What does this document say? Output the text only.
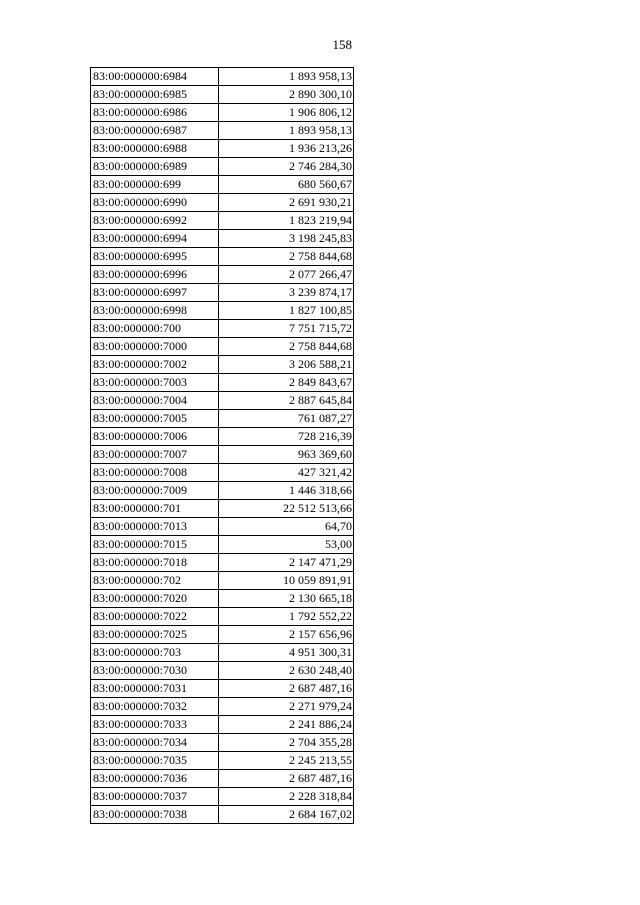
158
83:00:000000:6984	1 893 958,13
83:00:000000:6985	2 890 300,10
83:00:000000:6986	1 906 806,12
83:00:000000:6987	1 893 958,13
83:00:000000:6988	1 936 213,26
83:00:000000:6989	2 746 284,30
83:00:000000:699	680 560,67
83:00:000000:6990	2 691 930,21
83:00:000000:6992	1 823 219,94
83:00:000000:6994	3 198 245,83
83:00:000000:6995	2 758 844,68
83:00:000000:6996	2 077 266,47
83:00:000000:6997	3 239 874,17
83:00:000000:6998	1 827 100,85
83:00:000000:700	7 751 715,72
83:00:000000:7000	2 758 844,68
83:00:000000:7002	3 206 588,21
83:00:000000:7003	2 849 843,67
83:00:000000:7004	2 887 645,84
83:00:000000:7005	761 087,27
83:00:000000:7006	728 216,39
83:00:000000:7007	963 369,60
83:00:000000:7008	427 321,42
83:00:000000:7009	1 446 318,66
83:00:000000:701	22 512 513,66
83:00:000000:7013	64,70
83:00:000000:7015	53,00
83:00:000000:7018	2 147 471,29
83:00:000000:702	10 059 891,91
83:00:000000:7020	2 130 665,18
83:00:000000:7022	1 792 552,22
83:00:000000:7025	2 157 656,96
83:00:000000:703	4 951 300,31
83:00:000000:7030	2 630 248,40
83:00:000000:7031	2 687 487,16
83:00:000000:7032	2 271 979,24
83:00:000000:7033	2 241 886,24
83:00:000000:7034	2 704 355,28
83:00:000000:7035	2 245 213,55
83:00:000000:7036	2 687 487,16
83:00:000000:7037	2 228 318,84
83:00:000000:7038	2 684 167,02
